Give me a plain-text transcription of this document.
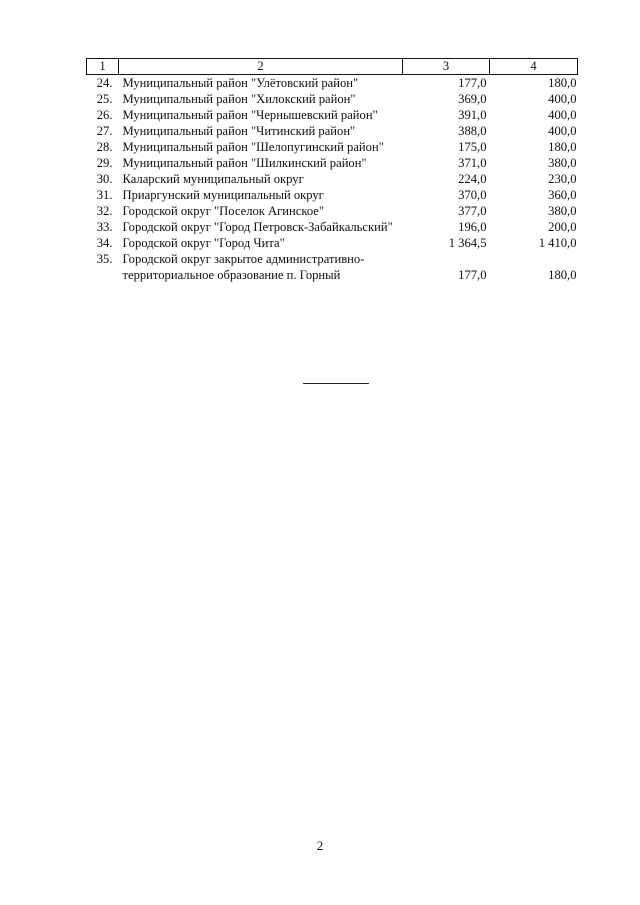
1	2	3	4
24.	Муниципальный район "Улётовский район"	177,0	180,0
25.	Муниципальный район "Хилокский район"	369,0	400,0
26.	Муниципальный район "Чернышевский район"	391,0	400,0
27.	Муниципальный район "Читинский район"	388,0	400,0
28.	Муниципальный район "Шелопугинский район"	175,0	180,0
29.	Муниципальный район "Шилкинский район"	371,0	380,0
30.	Каларский муниципальный округ	224,0	230,0
31.	Приаргунский муниципальный округ	370,0	360,0
32.	Городской округ "Поселок Агинское"	377,0	380,0
33.	Городской округ "Город Петровск-Забайкальский"	196,0	200,0
34.	Городской округ "Город Чита"	1 364,5	1 410,0
35.	Городской округ закрытое административно-территориальное образование п. Горный	177,0	180,0
2
